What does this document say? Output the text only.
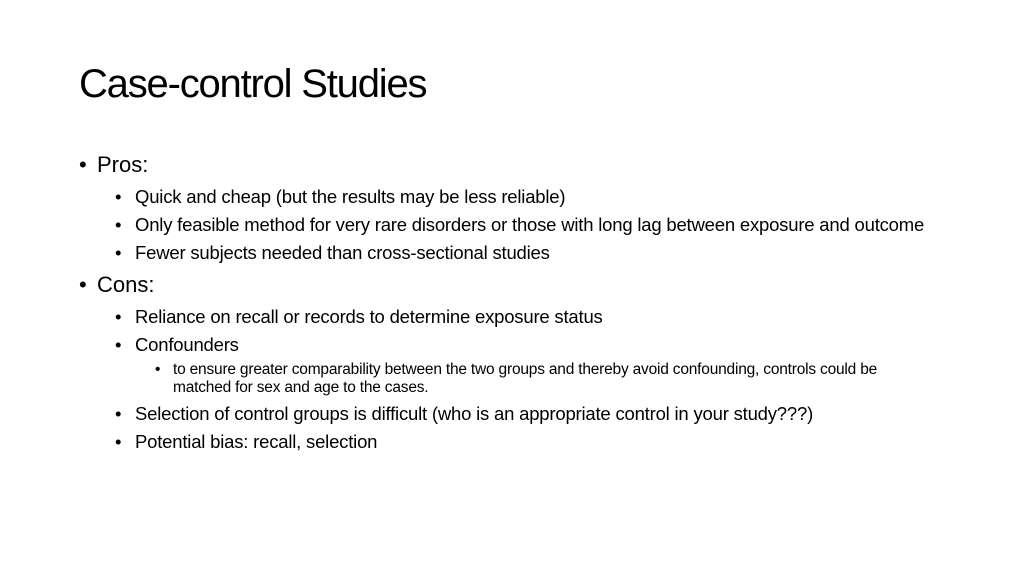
Case-control Studies
• Pros:
• Quick and cheap (but the results may be less reliable)
• Only feasible method for very rare disorders or those with long lag between exposure and outcome
• Fewer subjects needed than cross-sectional studies
• Cons:
• Reliance on recall or records to determine exposure status
• Confounders
• to ensure greater comparability between the two groups and thereby avoid confounding, controls could be matched for sex and age to the cases.
• Selection of control groups is difficult (who is an appropriate control in your study???)
• Potential bias: recall, selection
